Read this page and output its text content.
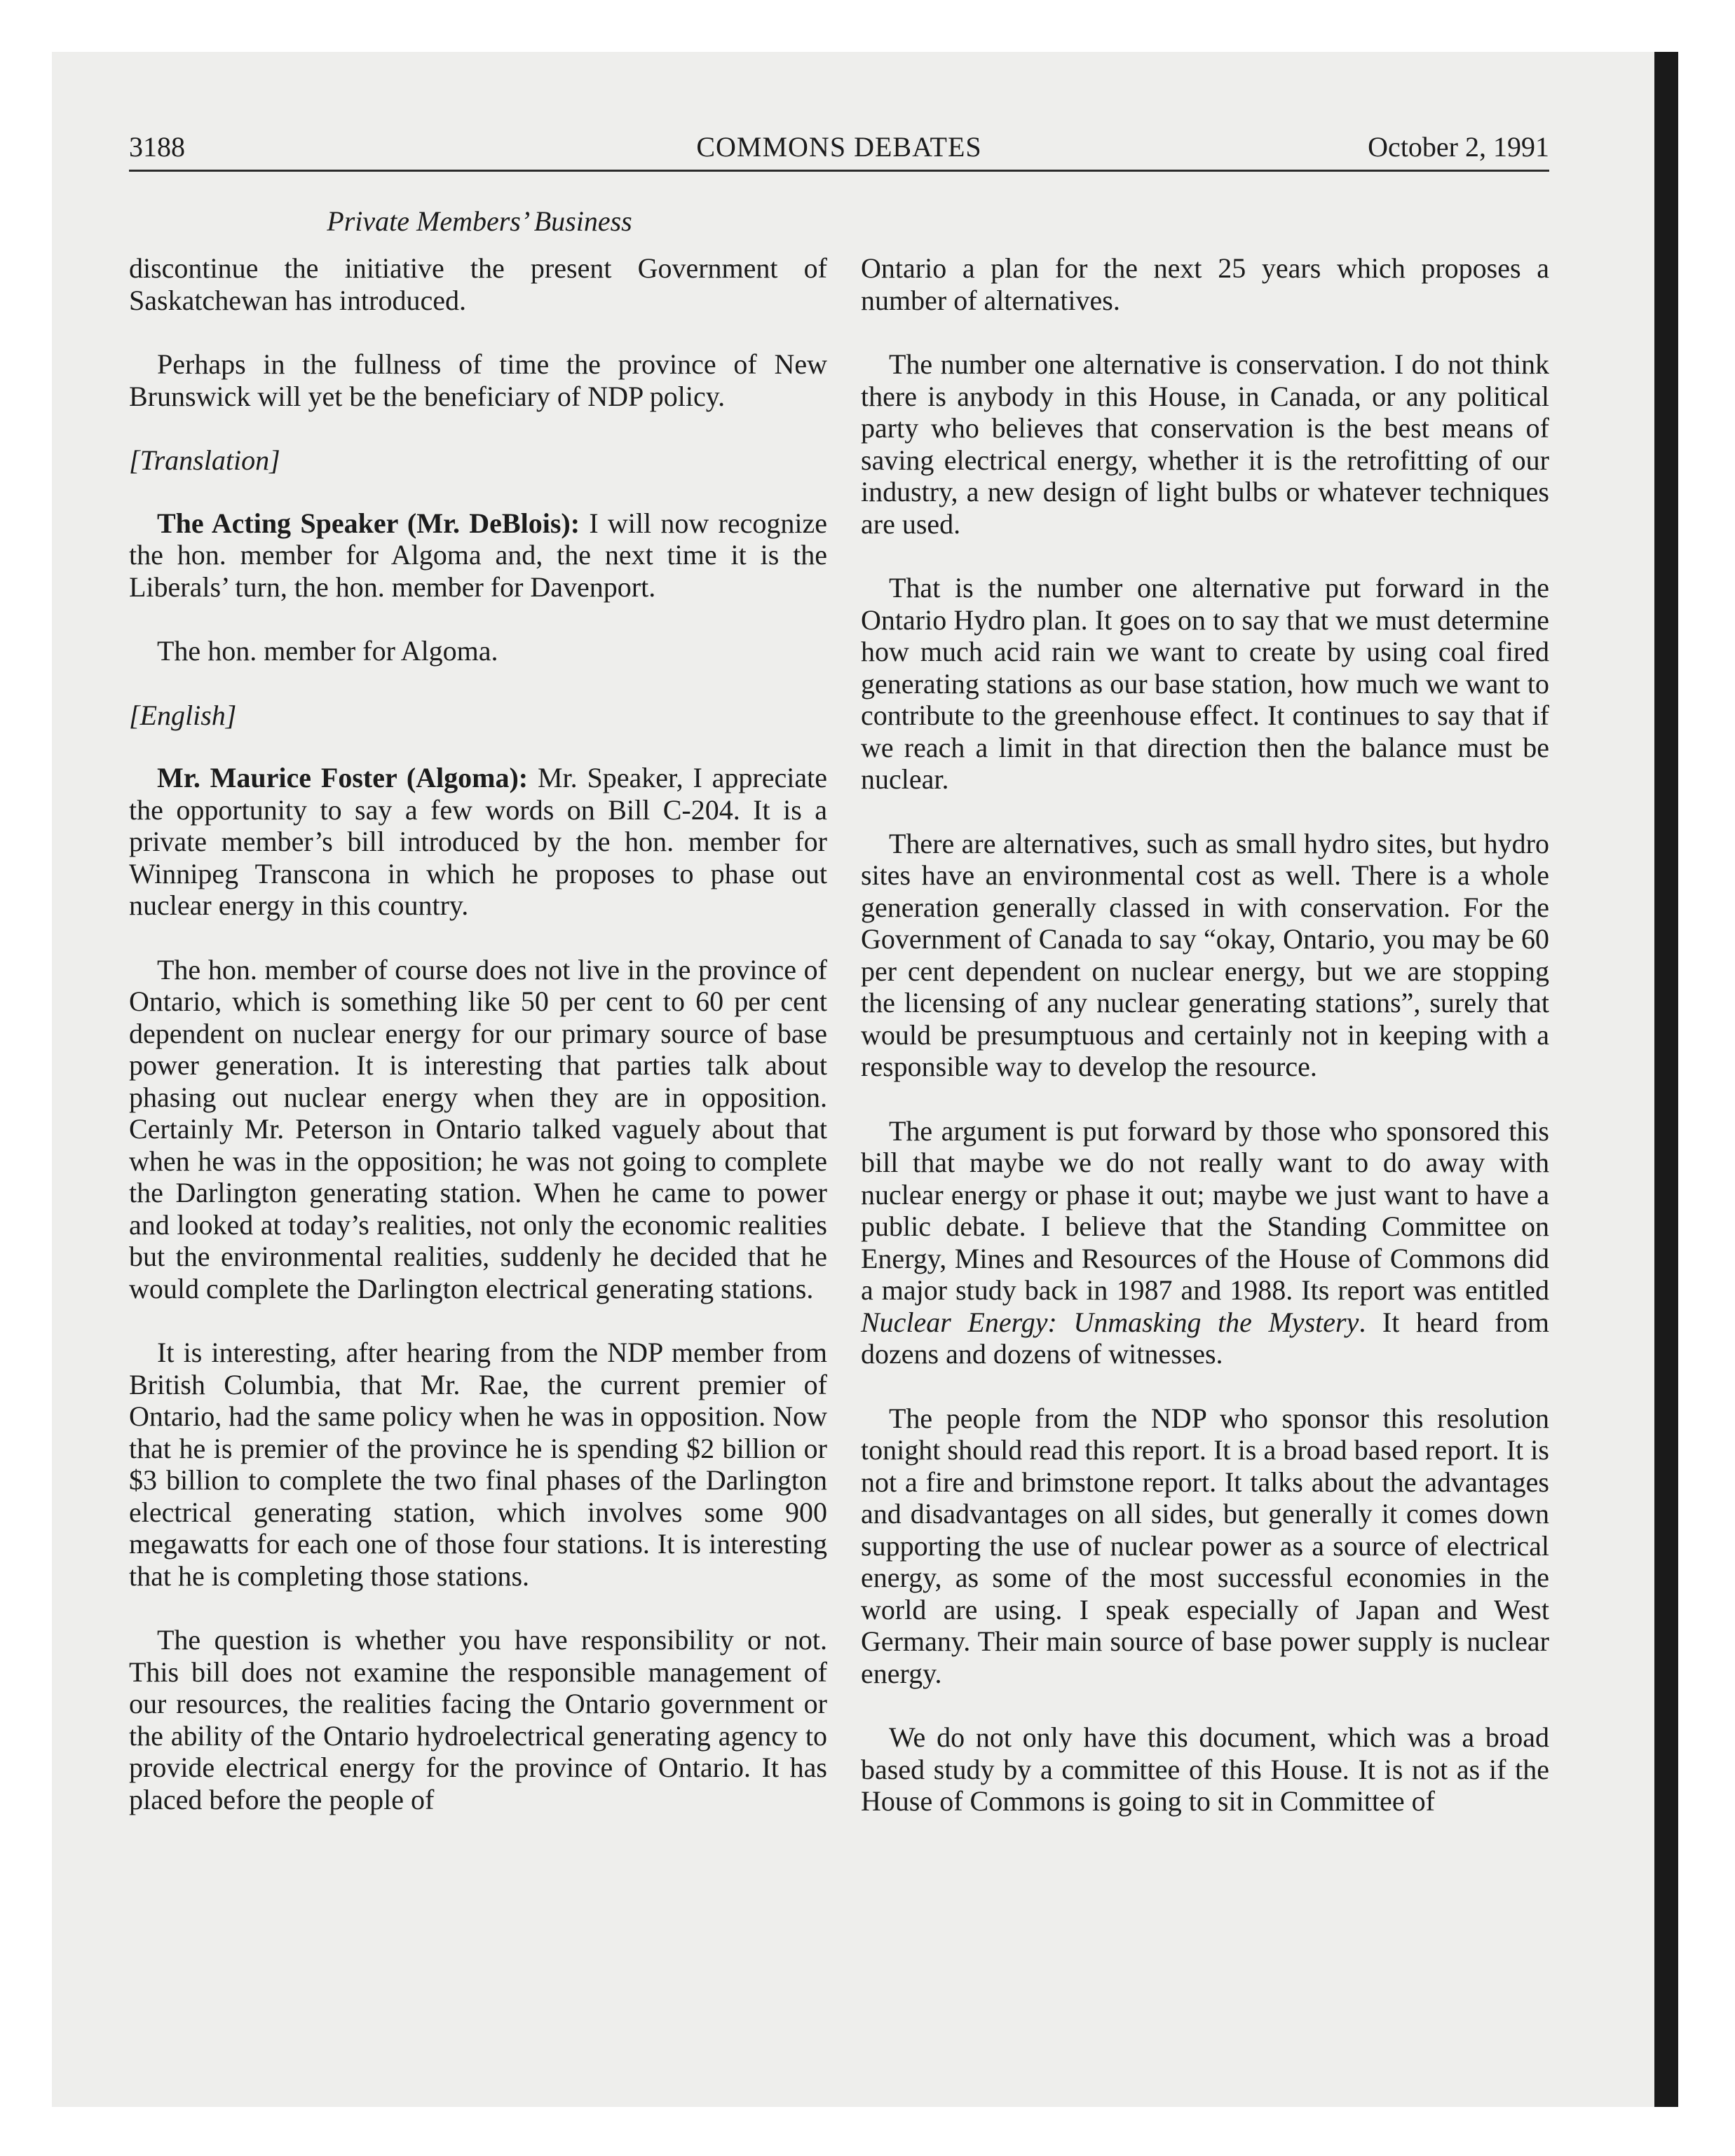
3188	COMMONS DEBATES	October 2, 1991
Private Members’ Business

discontinue the initiative the present Government of Saskatchewan has introduced.

Perhaps in the fullness of time the province of New Brunswick will yet be the beneficiary of NDP policy.

[Translation]

The Acting Speaker (Mr. DeBlois): I will now recognize the hon. member for Algoma and, the next time it is the Liberals’ turn, the hon. member for Davenport.

The hon. member for Algoma.

[English]

Mr. Maurice Foster (Algoma): Mr. Speaker, I appreciate the opportunity to say a few words on Bill C-204. It is a private member’s bill introduced by the hon. member for Winnipeg Transcona in which he proposes to phase out nuclear energy in this country.

The hon. member of course does not live in the province of Ontario, which is something like 50 per cent to 60 per cent dependent on nuclear energy for our primary source of base power generation. It is interesting that parties talk about phasing out nuclear energy when they are in opposition. Certainly Mr. Peterson in Ontario talked vaguely about that when he was in the opposition; he was not going to complete the Darlington generating station. When he came to power and looked at today’s realities, not only the economic realities but the environmental realities, suddenly he decided that he would complete the Darlington electrical generating stations.

It is interesting, after hearing from the NDP member from British Columbia, that Mr. Rae, the current premier of Ontario, had the same policy when he was in opposition. Now that he is premier of the province he is spending $2 billion or $3 billion to complete the two final phases of the Darlington electrical generating station, which involves some 900 megawatts for each one of those four stations. It is interesting that he is completing those stations.

The question is whether you have responsibility or not. This bill does not examine the responsible management of our resources, the realities facing the Ontario government or the ability of the Ontario hydroelectrical generating agency to provide electrical energy for the province of Ontario. It has placed before the people of

Ontario a plan for the next 25 years which proposes a number of alternatives.

The number one alternative is conservation. I do not think there is anybody in this House, in Canada, or any political party who believes that conservation is the best means of saving electrical energy, whether it is the retrofitting of our industry, a new design of light bulbs or whatever techniques are used.

That is the number one alternative put forward in the Ontario Hydro plan. It goes on to say that we must determine how much acid rain we want to create by using coal fired generating stations as our base station, how much we want to contribute to the greenhouse effect. It continues to say that if we reach a limit in that direction then the balance must be nuclear.

There are alternatives, such as small hydro sites, but hydro sites have an environmental cost as well. There is a whole generation generally classed in with conservation. For the Government of Canada to say “okay, Ontario, you may be 60 per cent dependent on nuclear energy, but we are stopping the licensing of any nuclear generating stations”, surely that would be presumptuous and certainly not in keeping with a responsible way to develop the resource.

The argument is put forward by those who sponsored this bill that maybe we do not really want to do away with nuclear energy or phase it out; maybe we just want to have a public debate. I believe that the Standing Committee on Energy, Mines and Resources of the House of Commons did a major study back in 1987 and 1988. Its report was entitled Nuclear Energy: Unmasking the Mystery. It heard from dozens and dozens of witnesses.

The people from the NDP who sponsor this resolution tonight should read this report. It is a broad based report. It is not a fire and brimstone report. It talks about the advantages and disadvantages on all sides, but generally it comes down supporting the use of nuclear power as a source of electrical energy, as some of the most successful economies in the world are using. I speak especially of Japan and West Germany. Their main source of base power supply is nuclear energy.

We do not only have this document, which was a broad based study by a committee of this House. It is not as if the House of Commons is going to sit in Committee of
